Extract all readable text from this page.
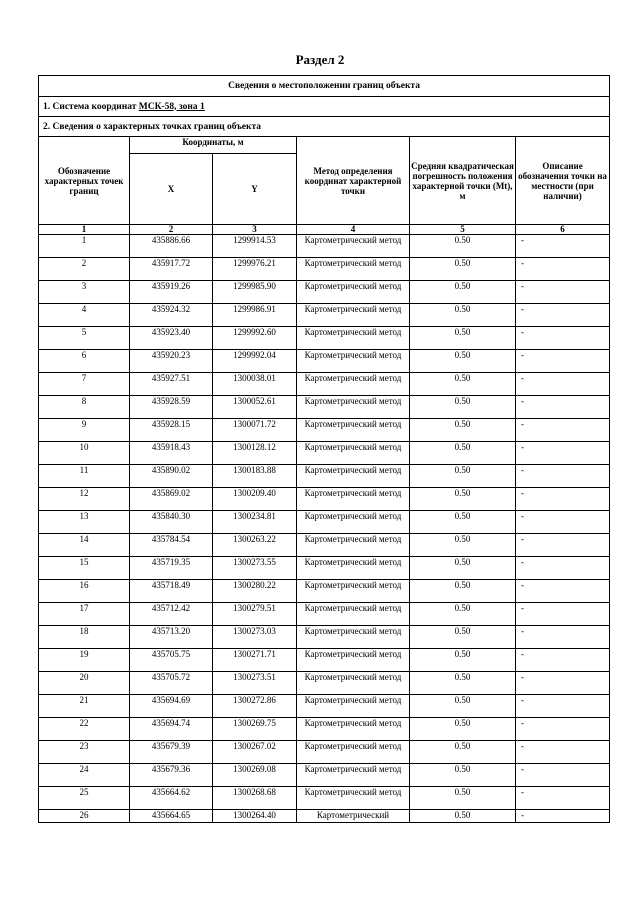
Раздел 2
Сведения о местоположении границ объекта					
1. Система координат МСК-58, зона 1					
2. Сведения о характерных точках границ объекта					
Обозначение характерных точек границ	Координаты, м		Метод определения координат характерной точки	Средняя квадратическая погрешность положения характерной точки (Mt), м	Описание обозначения точки на местности (при наличии)
	X	Y			
1	2	3	4	5	6
1	435886.66	1299914.53	Картометрический метод	0.50	-
2	435917.72	1299976.21	Картометрический метод	0.50	-
3	435919.26	1299985.90	Картометрический метод	0.50	-
4	435924.32	1299986.91	Картометрический метод	0.50	-
5	435923.40	1299992.60	Картометрический метод	0.50	-
6	435920.23	1299992.04	Картометрический метод	0.50	-
7	435927.51	1300038.01	Картометрический метод	0.50	-
8	435928.59	1300052.61	Картометрический метод	0.50	-
9	435928.15	1300071.72	Картометрический метод	0.50	-
10	435918.43	1300128.12	Картометрический метод	0.50	-
11	435890.02	1300183.88	Картометрический метод	0.50	-
12	435869.02	1300209.40	Картометрический метод	0.50	-
13	435840.30	1300234.81	Картометрический метод	0.50	-
14	435784.54	1300263.22	Картометрический метод	0.50	-
15	435719.35	1300273.55	Картометрический метод	0.50	-
16	435718.49	1300280.22	Картометрический метод	0.50	-
17	435712.42	1300279.51	Картометрический метод	0.50	-
18	435713.20	1300273.03	Картометрический метод	0.50	-
19	435705.75	1300271.71	Картометрический метод	0.50	-
20	435705.72	1300273.51	Картометрический метод	0.50	-
21	435694.69	1300272.86	Картометрический метод	0.50	-
22	435694.74	1300269.75	Картометрический метод	0.50	-
23	435679.39	1300267.02	Картометрический метод	0.50	-
24	435679.36	1300269.08	Картометрический метод	0.50	-
25	435664.62	1300268.68	Картометрический метод	0.50	-
26	435664.65	1300264.40	Картометрический	0.50	-
